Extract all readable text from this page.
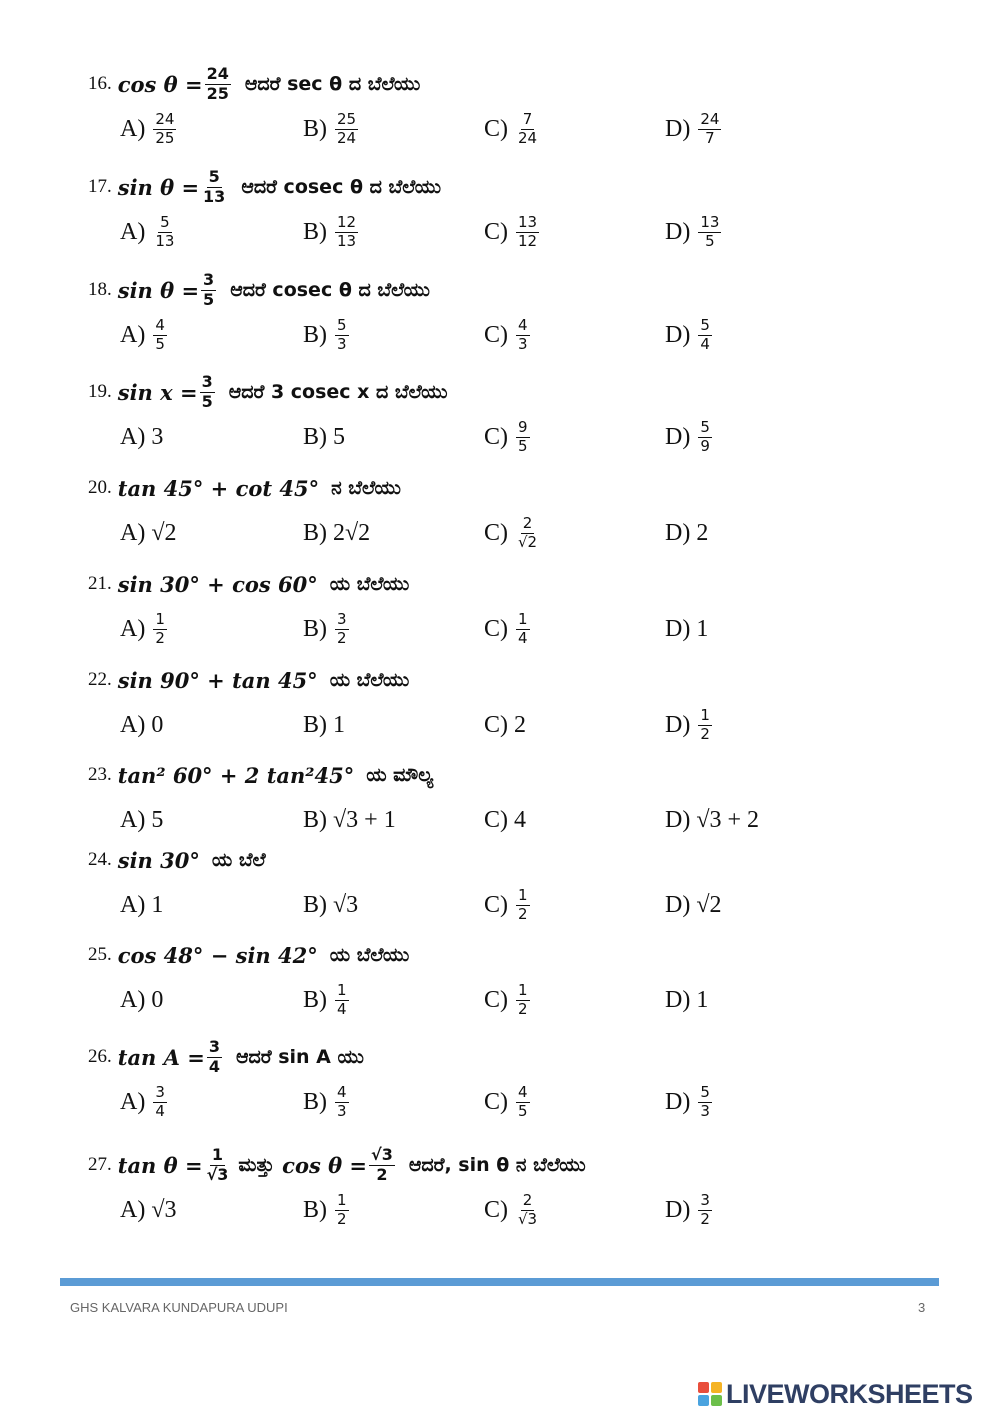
16. $\cos \theta = \frac{24}{25}$ ಆದರೆ sec θ ದ ಬೆಲೆಯು
$A) \frac{24}{25}$	$B) \frac{25}{24}$	$C) \frac{7}{24}$	$D) \frac{24}{7}$
17. $\sin \theta = \frac{5}{13}$ ಆದರೆ cosec θ ದ ಬೆಲೆಯು
$A) \frac{5}{13}$	$B) \frac{12}{13}$	$C) \frac{13}{12}$	$D) \frac{13}{5}$
18. $\sin \theta = \frac{3}{5}$ ಆದರೆ cosec θ ದ ಬೆಲೆಯು
$A) \frac{4}{5}$	$B) \frac{5}{3}$	$C) \frac{4}{3}$	$D) \frac{5}{4}$
19. $\sin x = \frac{3}{5}$ ಆದರೆ 3 cosec x ದ ಬೆಲೆಯು
A) 3	B) 5	$C) \frac{9}{5}$	$D) \frac{5}{9}$
20. tan 45° + cot 45° ನ ಬೆಲೆಯು
A) √2	B) 2√2	$C) \frac{2}{√2}$	D) 2
21. sin 30° + cos 60° ಯ ಬೆಲೆಯು
$A) \frac{1}{2}$	$B) \frac{3}{2}$	$C) \frac{1}{4}$	D) 1
22. sin 90° + tan 45° ಯ ಬೆಲೆಯು
A) 0	B) 1	C) 2	$D) \frac{1}{2}$
23. tan² 60° + 2 tan²45° ಯ ಮೌಲ್ಯ
A) 5	B) √3 + 1	C) 4	D) √3 + 2
24. sin 30° ಯ ಬೆಲೆ
A) 1	B) √3	$C) \frac{1}{2}$	D) √2
25. cos 48° − sin 42° ಯ ಬೆಲೆಯು
A) 0	$B) \frac{1}{4}$	$C) \frac{1}{2}$	D) 1
26. $\tan A = \frac{3}{4}$ ಆದರೆ sin A ಯು
$A) \frac{3}{4}$	$B) \frac{4}{3}$	$C) \frac{4}{5}$	$D) \frac{5}{3}$
27. $\tan \theta = \frac{1}{√3}$ ಮತ್ತು $\cos \theta = \frac{√3}{2}$ ಆದರೆ, sin θ ನ ಬೆಲೆಯು
A) √3	$B) \frac{1}{2}$	$C) \frac{2}{√3}$	$D) \frac{3}{2}$
GHS KALVARA KUNDAPURA UDUPI	3
LIVEWORKSHEETS
